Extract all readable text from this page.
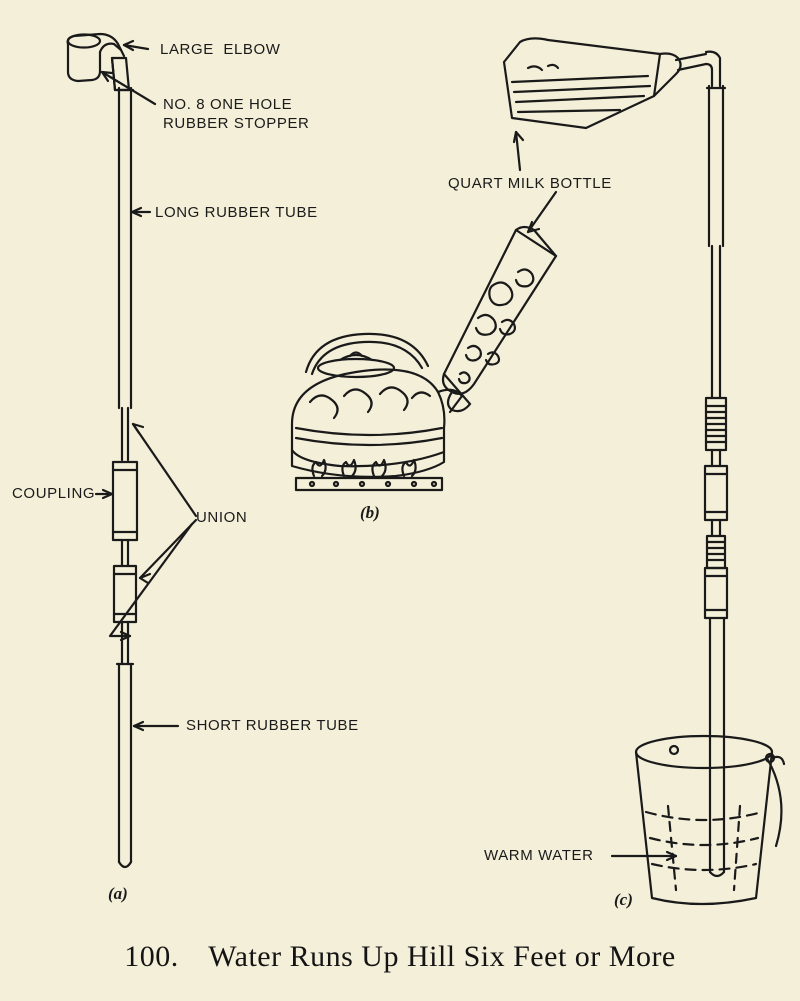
LARGE  ELBOW
NO. 8 ONE HOLE
RUBBER STOPPER
LONG RUBBER TUBE
COUPLING
UNION
SHORT RUBBER TUBE
QUART MILK BOTTLE
WARM WATER
(a)
(b)
(c)
100. Water Runs Up Hill Six Feet or More
